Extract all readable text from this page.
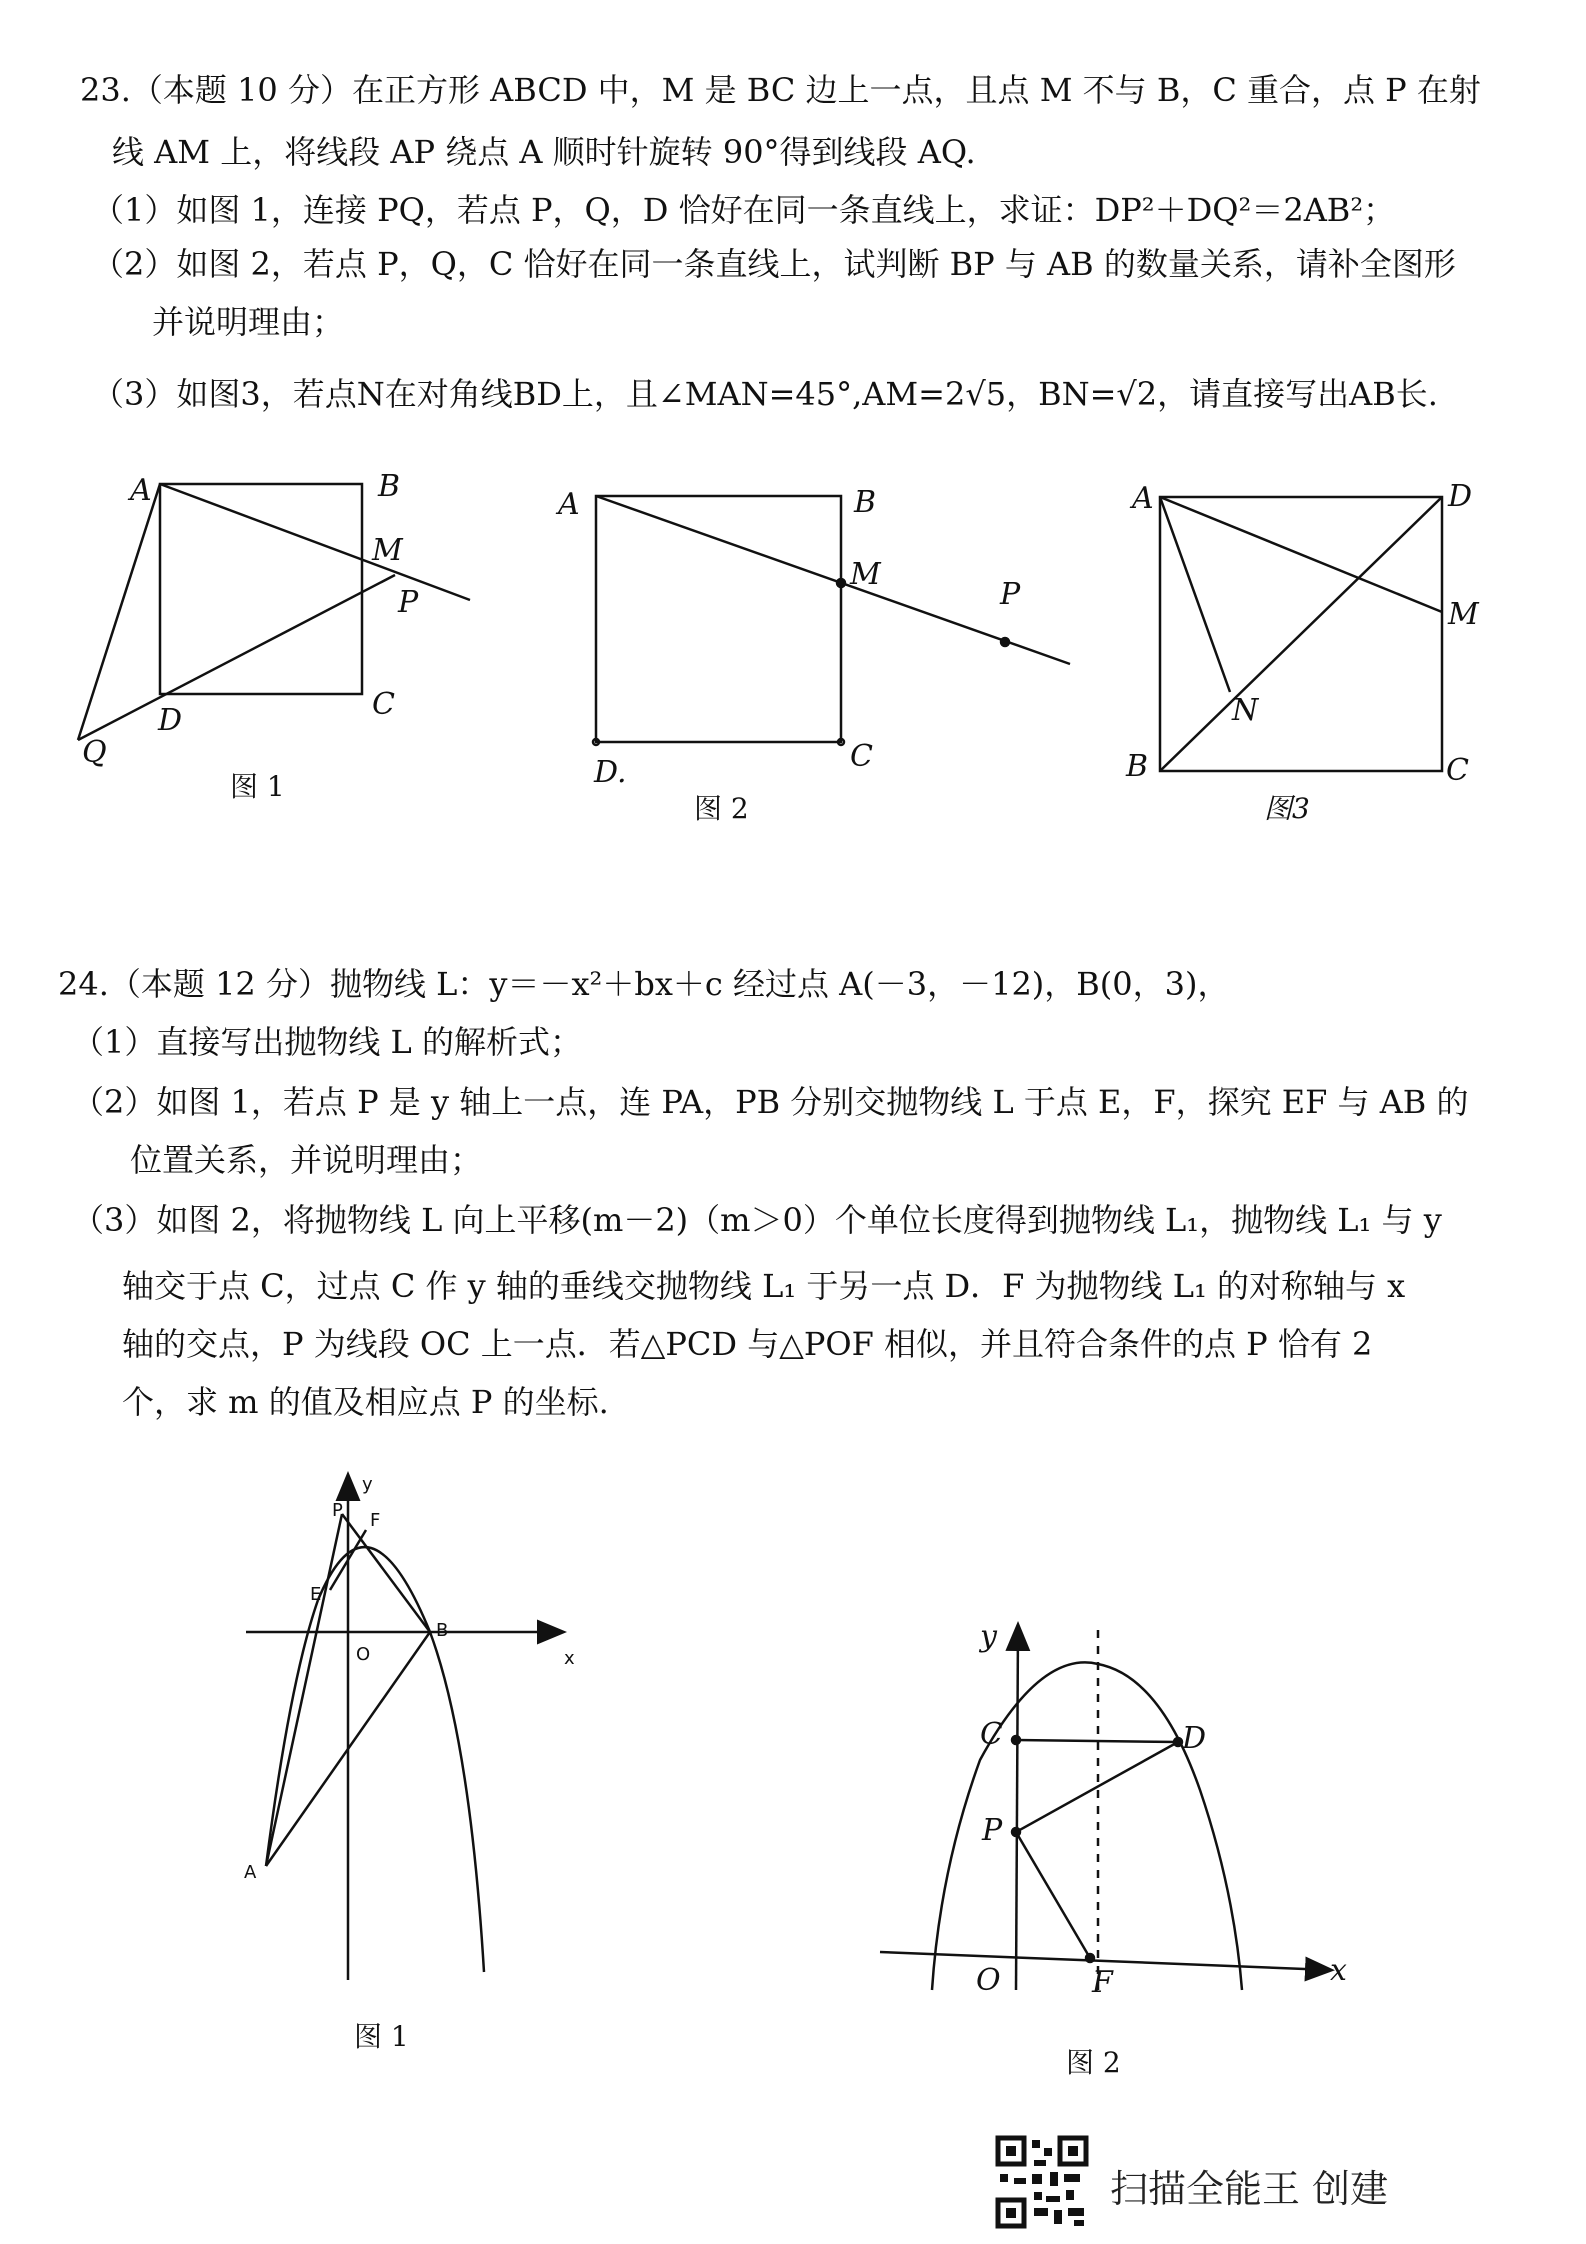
23.（本题 10 分）在正方形 ABCD 中，M 是 BC 边上一点，且点 M 不与 B，C 重合，点 P 在射
线 AM 上，将线段 AP 绕点 A 顺时针旋转 90°得到线段 AQ.
（1）如图 1，连接 PQ，若点 P，Q，D 恰好在同一条直线上，求证：DP²＋DQ²＝2AB²；
（2）如图 2，若点 P，Q，C 恰好在同一条直线上，试判断 BP 与 AB 的数量关系，请补全图形
并说明理由；
（3）如图3，若点N在对角线BD上，且∠MAN=45°,AM=2√5，BN=√2，请直接写出AB长.
24.（本题 12 分）抛物线 L：y＝－x²＋bx＋c 经过点 A(－3，－12)，B(0，3)，
（1）直接写出抛物线 L 的解析式；
（2）如图 1，若点 P 是 y 轴上一点，连 PA，PB 分别交抛物线 L 于点 E，F，探究 EF 与 AB 的
位置关系，并说明理由；
（3）如图 2，将抛物线 L 向上平移(m－2)（m＞0）个单位长度得到抛物线 L₁，抛物线 L₁ 与 y
轴交于点 C，过点 C 作 y 轴的垂线交抛物线 L₁ 于另一点 D．F 为抛物线 L₁ 的对称轴与 x
轴的交点，P 为线段 OC 上一点．若△PCD 与△POF 相似，并且符合条件的点 P 恰有 2
个，求 m 的值及相应点 P 的坐标.
A	B
M
P
C
D
Q
图 1
A	B
M
P
D.	C
图 2
A	D
M
N
B	C
图3
y
P F
E
O
B
x
A
图 1
y
C	D
P
O	F	x
图 2
扫描全能王 创建
